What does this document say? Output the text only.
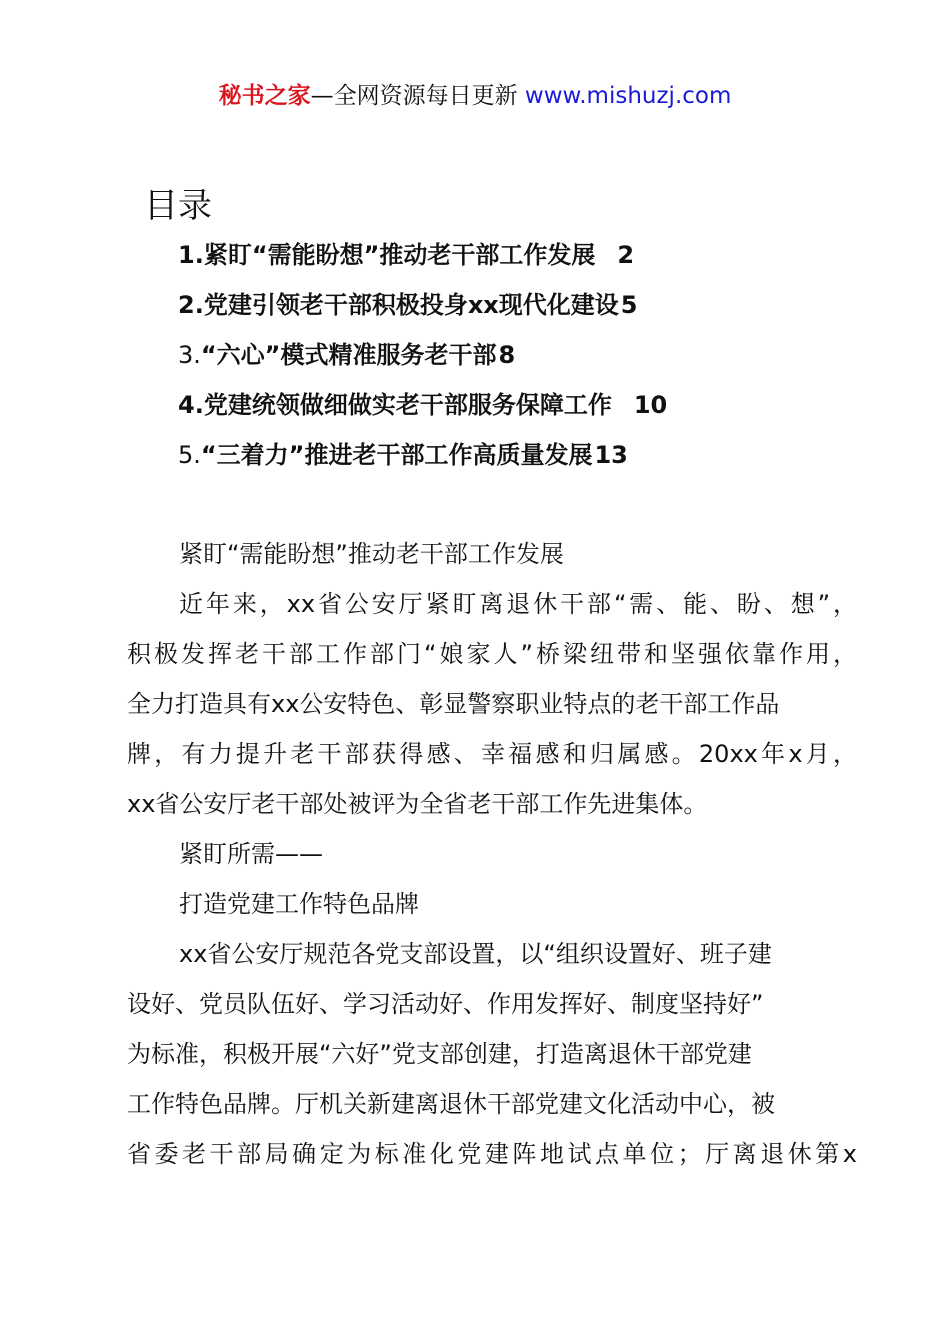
秘书之家—全网资源每日更新 www.mishuzj.com
目录
1.紧盯“需能盼想”推动老干部工作发展 2
2.党建引领老干部积极投身xx现代化建设5
3.“六心”模式精准服务老干部8
4.党建统领做细做实老干部服务保障工作 10
5.“三着力”推进老干部工作高质量发展13
紧盯“需能盼想”推动老干部工作发展
近年来，xx省公安厅紧盯离退休干部“需、能、盼、想”，
积极发挥老干部工作部门“娘家人”桥梁纽带和坚强依靠作用，
全力打造具有xx公安特色、彰显警察职业特点的老干部工作品
牌，有力提升老干部获得感、幸福感和归属感。20xx年x月，
xx省公安厅老干部处被评为全省老干部工作先进集体。
紧盯所需——
打造党建工作特色品牌
xx省公安厅规范各党支部设置，以“组织设置好、班子建
设好、党员队伍好、学习活动好、作用发挥好、制度坚持好”
为标准，积极开展“六好”党支部创建，打造离退休干部党建
工作特色品牌。厅机关新建离退休干部党建文化活动中心，被
省委老干部局确定为标准化党建阵地试点单位；厅离退休第x
